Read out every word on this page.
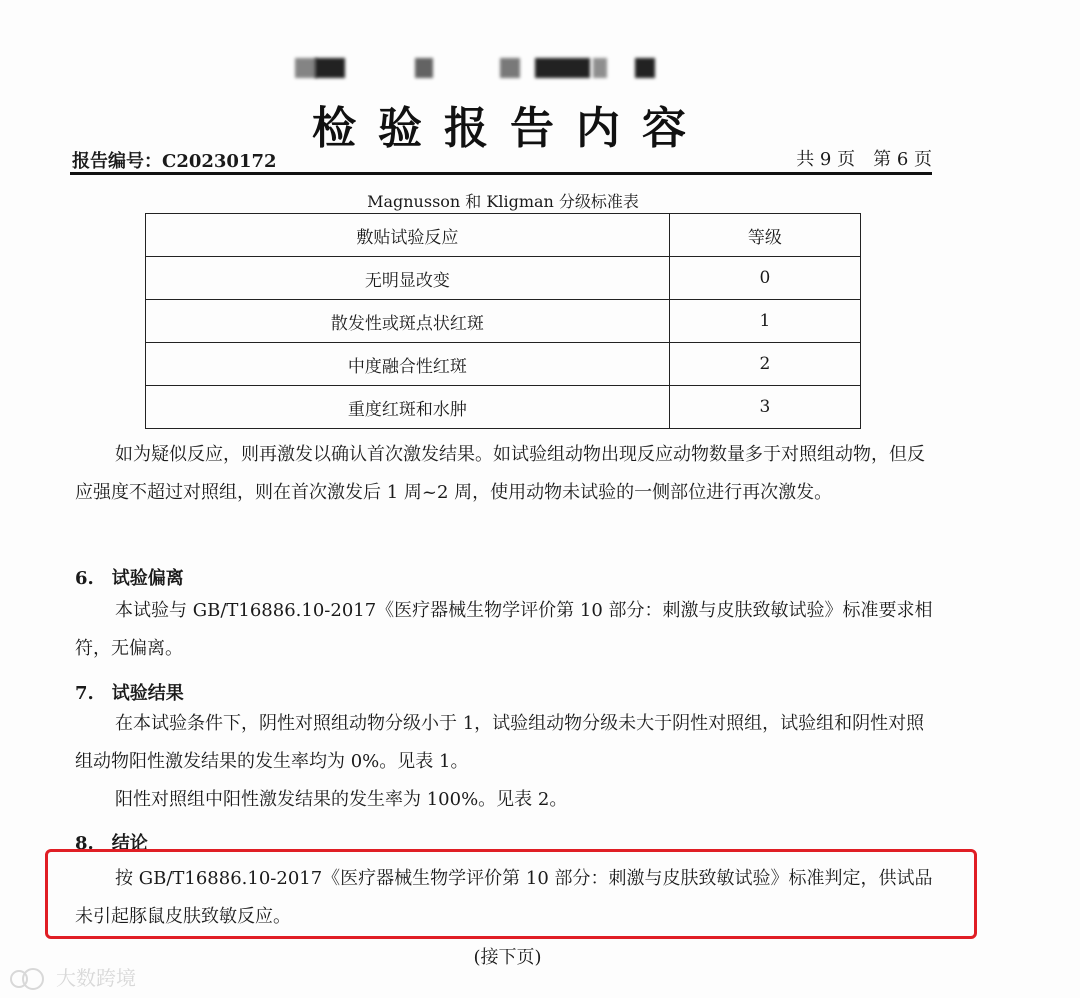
检验报告内容
报告编号：C20230172	共 9 页　第 6 页
Magnusson 和 Kligman 分级标准表
敷贴试验反应	等级
无明显改变	0
散发性或斑点状红斑	1
中度融合性红斑	2
重度红斑和水肿	3

如为疑似反应，则再激发以确认首次激发结果。如试验组动物出现反应动物数量多于对照组动物，但反应强度不超过对照组，则在首次激发后 1 周~2 周，使用动物未试验的一侧部位进行再次激发。

6.　试验偏离

本试验与 GB/T16886.10-2017《医疗器械生物学评价第 10 部分：刺激与皮肤致敏试验》标准要求相符，无偏离。

7.　试验结果

在本试验条件下，阴性对照组动物分级小于 1，试验组动物分级未大于阴性对照组，试验组和阴性对照组动物阳性激发结果的发生率均为 0%。见表 1。

阳性对照组中阳性激发结果的发生率为 100%。见表 2。

8.　结论

按 GB/T16886.10-2017《医疗器械生物学评价第 10 部分：刺激与皮肤致敏试验》标准判定，供试品未引起豚鼠皮肤致敏反应。

(接下页)
大数跨境
